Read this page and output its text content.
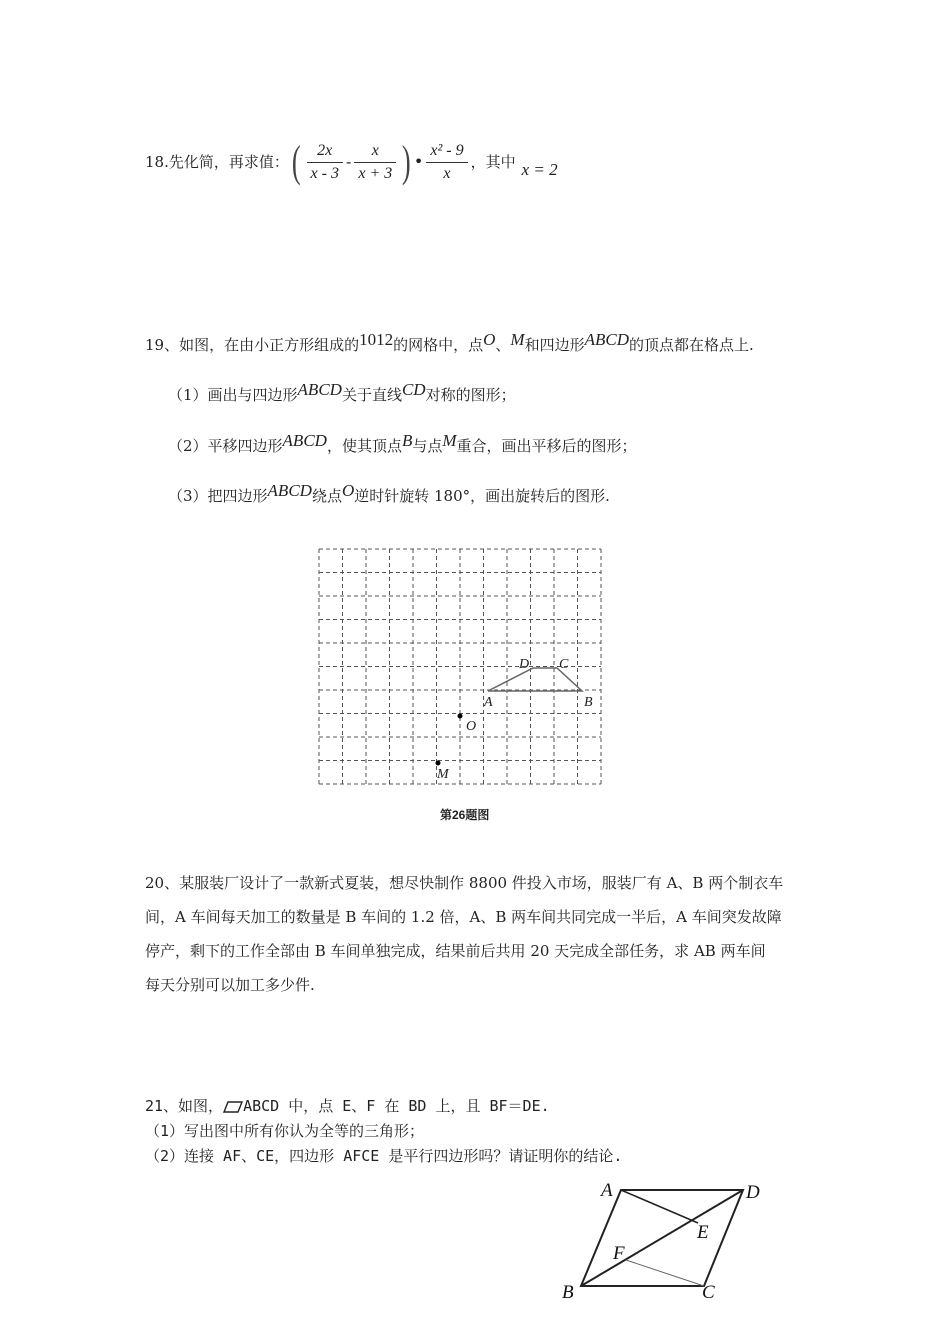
18.先化简，再求值： ( $\frac{2x}{x - 3} - \frac{x}{x + 3}$ ) • $\frac{\text{x² - 9}}{x}$ ，其中 x = 2
19、如图，在由小正方形组成的1012的网格中，点O、M和四边形ABCD的顶点都在格点上.
（1）画出与四边形ABCD关于直线CD对称的图形；
（2）平移四边形ABCD，使其顶点B与点M重合，画出平移后的图形；
（3）把四边形ABCD绕点O逆时针旋转 180°，画出旋转后的图形.
D C
A	B
O
M
第26题图
20、某服装厂设计了一款新式夏装，想尽快制作 8800 件投入市场，服装厂有 A、B 两个制衣车
间，A 车间每天加工的数量是 B 车间的 1.2 倍，A、B 两车间共同完成一半后，A 车间突发故障
停产，剩下的工作全部由 B 车间单独完成，结果前后共用 20 天完成全部任务，求 AB 两车间
每天分别可以加工多少件.
21、如图， ABCD 中，点 E、F 在 BD 上，且 BF＝DE.
（1）写出图中所有你认为全等的三角形；
（2）连接 AF、CE，四边形 AFCE 是平行四边形吗？请证明你的结论.
A	D
E
F
B	C
